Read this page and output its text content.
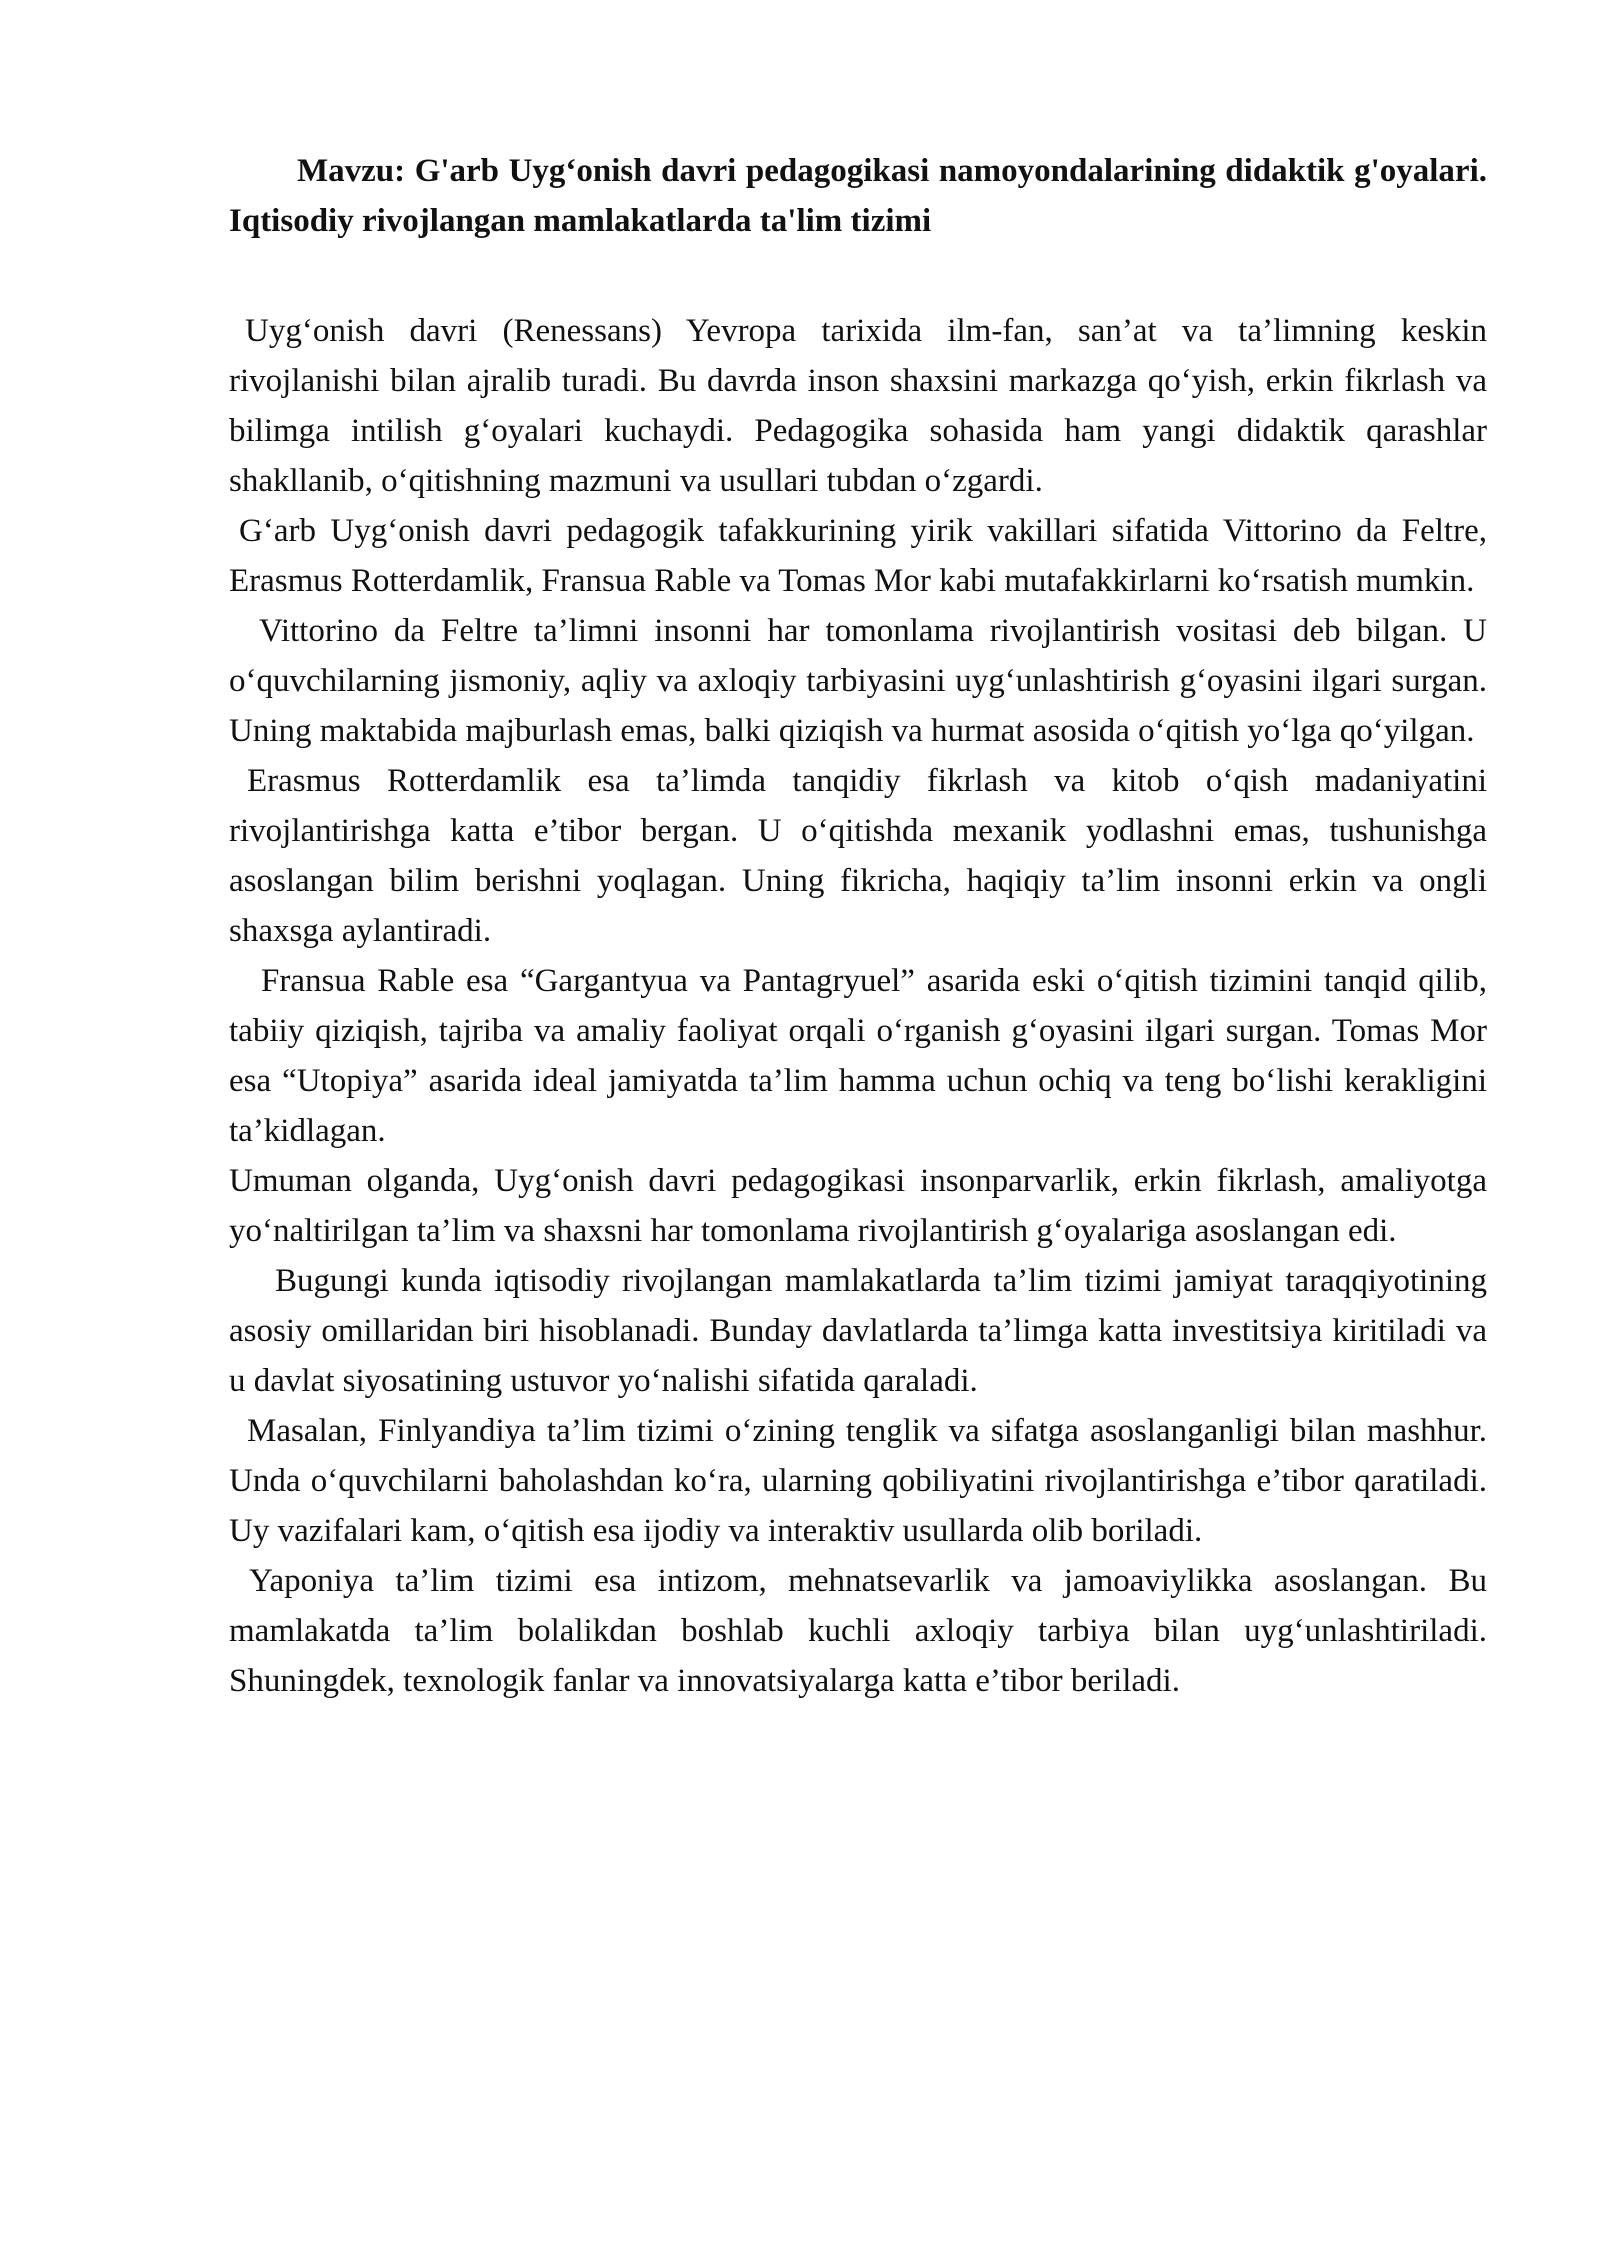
Mavzu: G'arb Uyg‘onish davri pedagogikasi namoyondalarining didaktik g'oyalari. Iqtisodiy rivojlangan mamlakatlarda ta'lim tizimi

Uyg‘onish davri (Renessans) Yevropa tarixida ilm-fan, san’at va ta’limning keskin rivojlanishi bilan ajralib turadi. Bu davrda inson shaxsini markazga qo‘yish, erkin fikrlash va bilimga intilish g‘oyalari kuchaydi. Pedagogika sohasida ham yangi didaktik qarashlar shakllanib, o‘qitishning mazmuni va usullari tubdan o‘zgardi.

G‘arb Uyg‘onish davri pedagogik tafakkurining yirik vakillari sifatida Vittorino da Feltre, Erasmus Rotterdamlik, Fransua Rable va Tomas Mor kabi mutafakkirlarni ko‘rsatish mumkin.

Vittorino da Feltre ta’limni insonni har tomonlama rivojlantirish vositasi deb bilgan. U o‘quvchilarning jismoniy, aqliy va axloqiy tarbiyasini uyg‘unlashtirish g‘oyasini ilgari surgan. Uning maktabida majburlash emas, balki qiziqish va hurmat asosida o‘qitish yo‘lga qo‘yilgan.

Erasmus Rotterdamlik esa ta’limda tanqidiy fikrlash va kitob o‘qish madaniyatini rivojlantirishga katta e’tibor bergan. U o‘qitishda mexanik yodlashni emas, tushunishga asoslangan bilim berishni yoqlagan. Uning fikricha, haqiqiy ta’lim insonni erkin va ongli shaxsga aylantiradi.

Fransua Rable esa “Gargantyua va Pantagryuel” asarida eski o‘qitish tizimini tanqid qilib, tabiiy qiziqish, tajriba va amaliy faoliyat orqali o‘rganish g‘oyasini ilgari surgan. Tomas Mor esa “Utopiya” asarida ideal jamiyatda ta’lim hamma uchun ochiq va teng bo‘lishi kerakligini ta’kidlagan.

Umuman olganda, Uyg‘onish davri pedagogikasi insonparvarlik, erkin fikrlash, amaliyotga yo‘naltirilgan ta’lim va shaxsni har tomonlama rivojlantirish g‘oyalariga asoslangan edi.

Bugungi kunda iqtisodiy rivojlangan mamlakatlarda ta’lim tizimi jamiyat taraqqiyotining asosiy omillaridan biri hisoblanadi. Bunday davlatlarda ta’limga katta investitsiya kiritiladi va u davlat siyosatining ustuvor yo‘nalishi sifatida qaraladi.

Masalan, Finlyandiya ta’lim tizimi o‘zining tenglik va sifatga asoslanganligi bilan mashhur. Unda o‘quvchilarni baholashdan ko‘ra, ularning qobiliyatini rivojlantirishga e’tibor qaratiladi. Uy vazifalari kam, o‘qitish esa ijodiy va interaktiv usullarda olib boriladi.

Yaponiya ta’lim tizimi esa intizom, mehnatsevarlik va jamoaviylikka asoslangan. Bu mamlakatda ta’lim bolalikdan boshlab kuchli axloqiy tarbiya bilan uyg‘unlashtiriladi. Shuningdek, texnologik fanlar va innovatsiyalarga katta e’tibor beriladi.
